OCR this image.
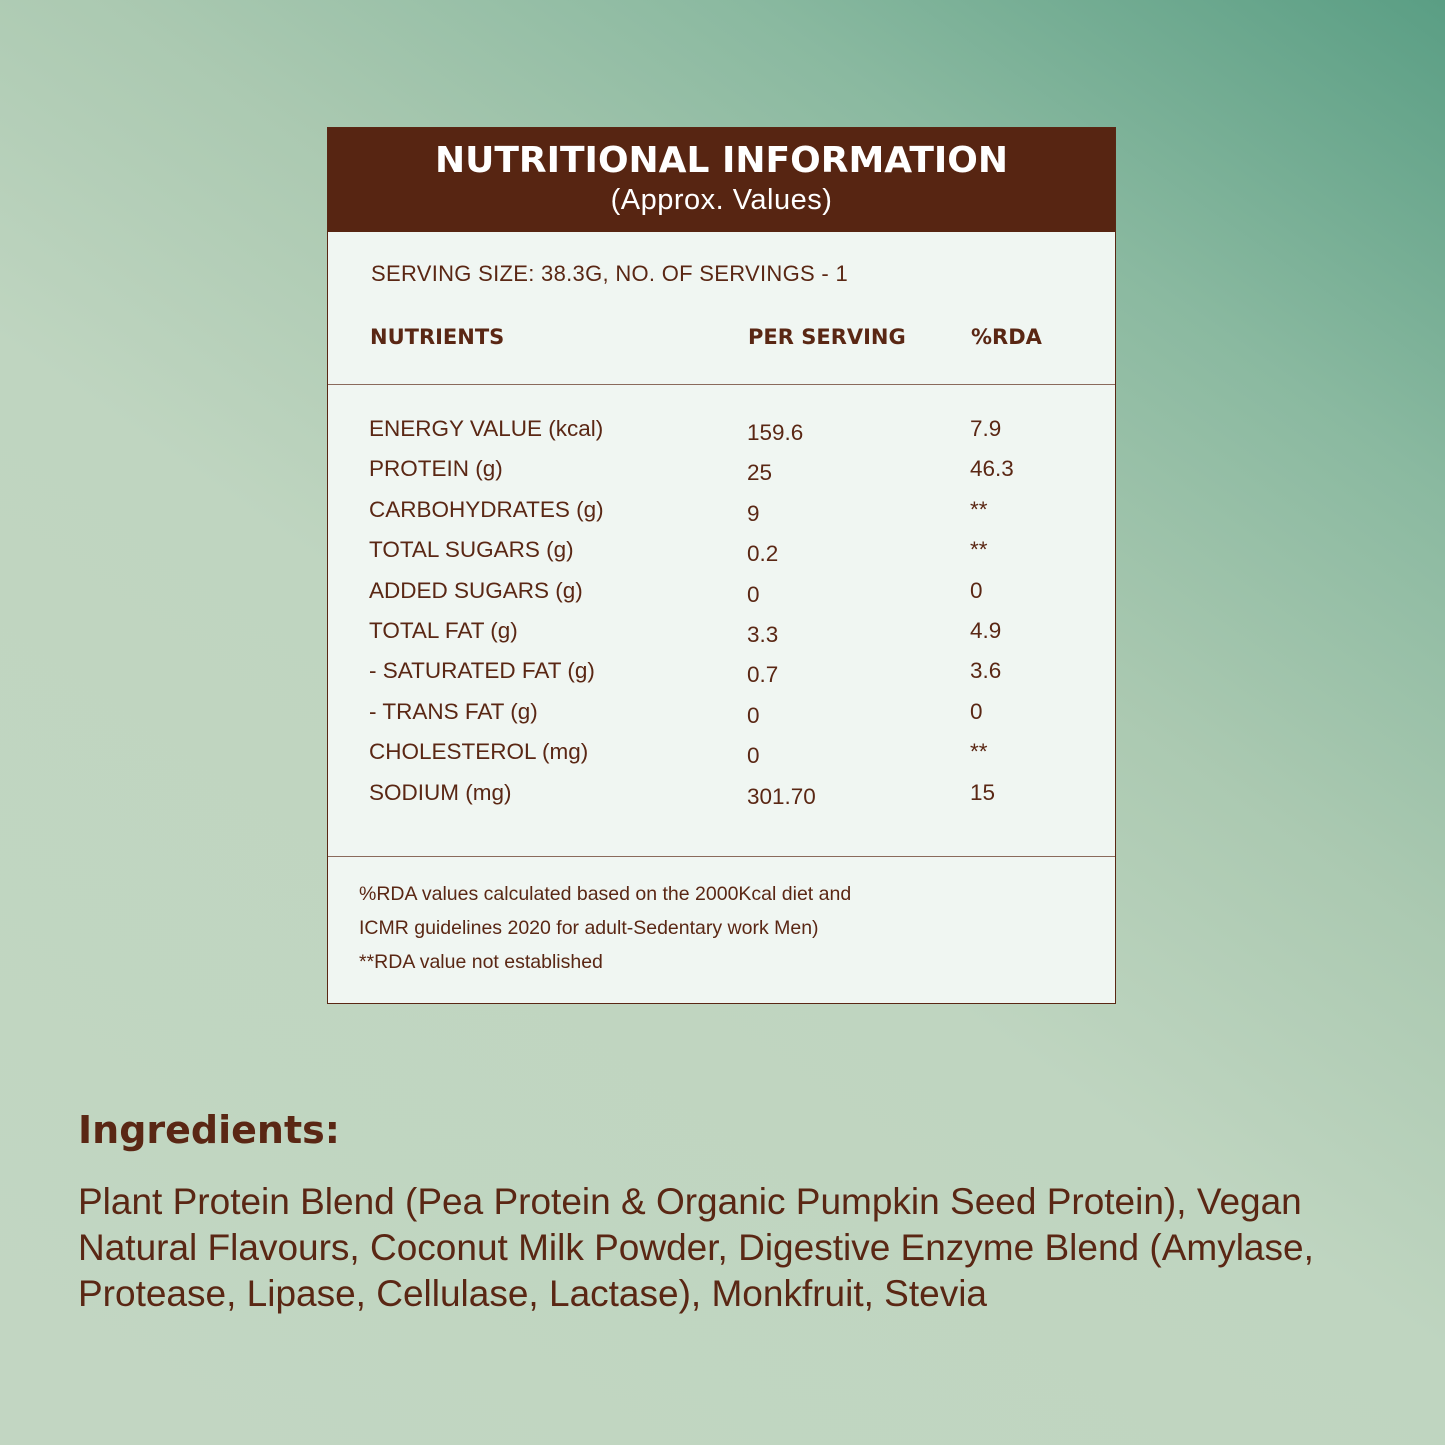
NUTRITIONAL INFORMATION
(Approx. Values)
SERVING SIZE: 38.3G, NO. OF SERVINGS - 1
NUTRIENTS	PER SERVING	%RDA
ENERGY VALUE (kcal)	159.6	7.9
PROTEIN (g)	25	46.3
CARBOHYDRATES (g)	9	**
TOTAL SUGARS (g)	0.2	**
ADDED SUGARS (g)	0	0
TOTAL FAT (g)	3.3	4.9
- SATURATED FAT (g)	0.7	3.6
- TRANS FAT (g)	0	0
CHOLESTEROL (mg)	0	**
SODIUM (mg)	301.70	15
%RDA values calculated based on the 2000Kcal diet and
ICMR guidelines 2020 for adult-Sedentary work Men)
**RDA value not established
Ingredients:
Plant Protein Blend (Pea Protein & Organic Pumpkin Seed Protein), Vegan Natural Flavours, Coconut Milk Powder, Digestive Enzyme Blend (Amylase, Protease, Lipase, Cellulase, Lactase), Monkfruit, Stevia
